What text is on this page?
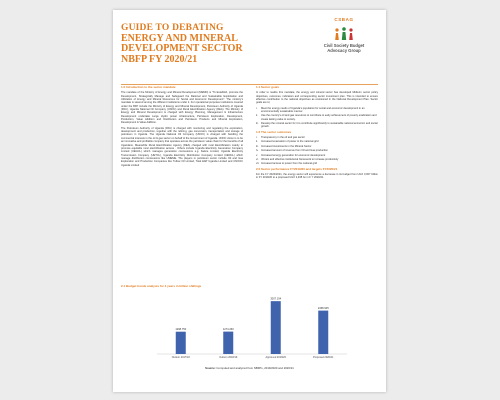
GUIDE TO DEBATING
ENERGY AND MINERAL
DEVELOPMENT SECTOR
NBFP FY 2020/21
CSBAG
Civil Society Budget
Advocacy Group
1.0 Introduction to the sector mandate

The mandate of the Ministry of Energy and Mineral Development (MEMD) is "To Establish, promote the Development, Strategically Manage and Safeguard the Rational and Sustainable Exploitation and Utilization of Energy and Mineral Resources for Social and Economic Development". The ministry's mandate is steered among the different institutions under it. For operational purposes institutions covered under the BFP include the Ministry of Energy and Mineral Development, Petroleum Authority of Uganda (PAU), Uganda National Oil Company (UNOC) and Rural Electrification Agency (REA). The Ministry of Energy and Mineral Development is charged with Energy Planning, Management & Infrastructure Development undertake Large Hydro power infrastructure, Petroleum Exploration, Development, Production, Value Addition and Distribution and Petroleum Products and Mineral Exploration, Development & Value Addition.

The Petroleum Authority of Uganda (PAU) is charged with monitoring and regulating the exploration, development and production, together with the refining, gas conversion, transportation and storage of petroleum in Uganda. The Uganda National Oil Company (UNOC) is charged with handling the commercial interests in the oil & gas sector on behalf of the Government of Uganda. UNOC vision is to be an innovative and profitable company that operates across the petroleum value chain for the benefits of all Ugandans. Meanwhile Rural Electrification Agency (REA) charged with rural Electrification mainly to promote equitable rural electrification access . Others include Uganda Electricity Generation Company Limited (UEGCL) which manages generation concessions e.g. Kalere Limited, Uganda Electricity Transmission Company (UETCL), Uganda Electricity Distribution Company Limited (UEDCL) which manage distribution concessions like UMEME. The players in petroleum sector include Oil and Gas Exploration and Production Companies like Tullow Oil Limited, Total E&P Uganda Limited and CNOOC Uganda Limited

1.1 Sector goals

In order to realize this mandate, the energy and mineral sector has developed Midterm sector policy objectives, outcomes, indicators and corresponding sector investment plan. This is intended to ensure effective contribution to the national objectives as envisioned in the National Development Plan. Sector goals are to;

i.	Meet the energy needs of Uganda's population for social and economic development in an environmentally sustainable manner.
ii.	Use the country's oil and gas resources to contribute to early achievement of poverty eradication and create lasting value to society.
iii. Develop the mineral sector for it to contribute significantly to sustainable national economic and social growth.
1.2 The sector outcomes
i.	Transparency in the oil and gas sector
ii.	Increased evacuation of power to the national grid
iii. Increased investments in the Mineral Sector
iv. Increased amount of revenue from Oil and Gas production
v.	Increased energy generation for economic development
vi. Vibrant and effective institutional framework to increase productivity
vii. Increased access to power from the national grid
2.0 Sector performance FY2019/20 and targets FY2020/21

For the FY 2020/2021, the energy sector will experience a decrease in its budget from UGX 3,007 billion in FY 2019/20 to a proposed UGX 2,468 bn in F Y 2020/21.

2.1 Budget trends analysis for 4 years in billion shillings
1268.750
Outturn 2017/18
1274.260
Outturn 2018/19
3007.194
Approved 2019/20
2468.945
Proposed 2020/21
Source: Computed and analyzed from NBFPs, 2019/2020 and 2020/21
